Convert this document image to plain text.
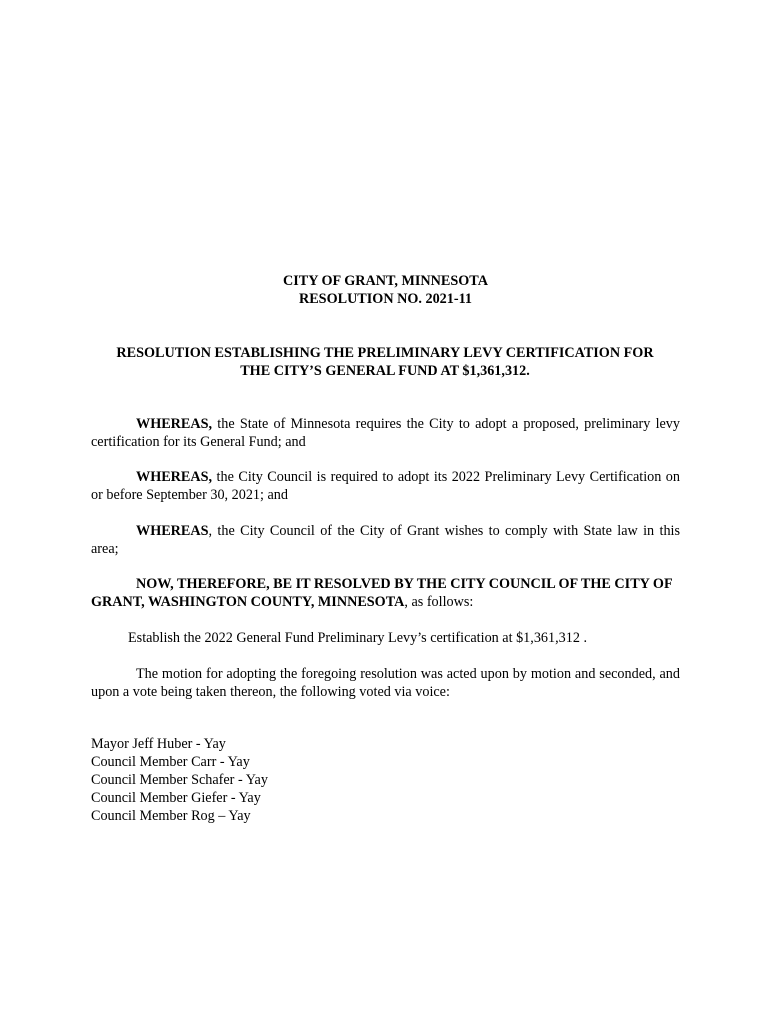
CITY OF GRANT, MINNESOTA
RESOLUTION NO. 2021-11
RESOLUTION ESTABLISHING THE PRELIMINARY LEVY CERTIFICATION FOR
THE CITY’S GENERAL FUND AT $1,361,312.
WHEREAS, the State of Minnesota requires the City to adopt a proposed, preliminary levy certification for its General Fund; and
WHEREAS, the City Council is required to adopt its 2022 Preliminary Levy Certification on or before September 30, 2021; and
WHEREAS, the City Council of the City of Grant wishes to comply with State law in this area;
NOW, THEREFORE, BE IT RESOLVED BY THE CITY COUNCIL OF THE CITY OF GRANT, WASHINGTON COUNTY, MINNESOTA, as follows:
Establish the 2022 General Fund Preliminary Levy’s certification at $1,361,312 .
The motion for adopting the foregoing resolution was acted upon by motion and seconded, and upon a vote being taken thereon, the following voted via voice:
Mayor Jeff Huber - Yay
Council Member Carr - Yay
Council Member Schafer - Yay
Council Member Giefer - Yay
Council Member Rog – Yay
